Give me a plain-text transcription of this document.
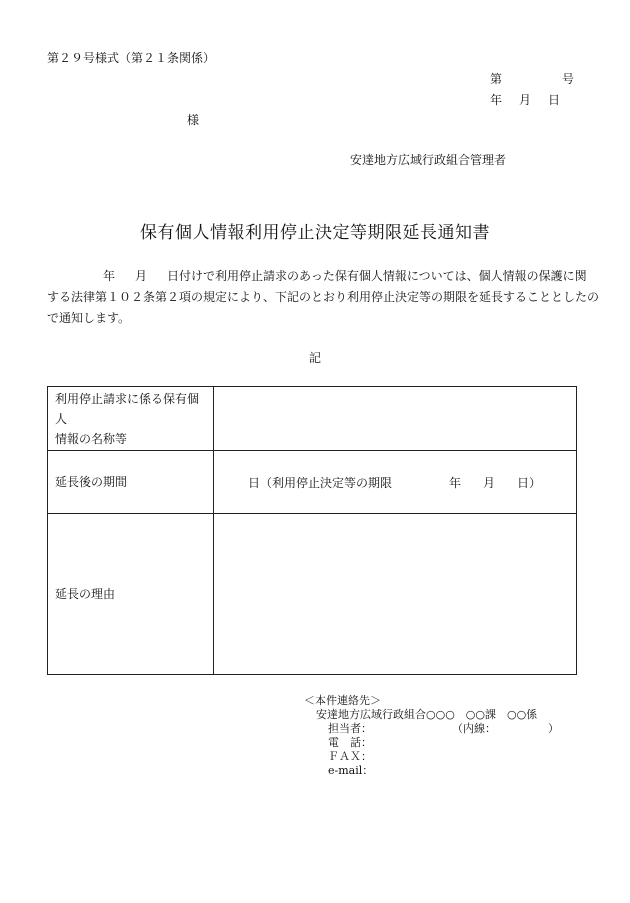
第２９号様式（第２１条関係）
第	号
年 月 日
様
安達地方広域行政組合管理者
保有個人情報利用停止決定等期限延長通知書
年 月 日付けで利用停止請求のあった保有個人情報については、個人情報の保護に関
する法律第１０２条第２項の規定により、下記のとおり利用停止決定等の期限を延長することとしたの
で通知します。
記
利用停止請求に係る保有個人
情報の名称等	
延長後の期間	日（利用停止決定等の期限 年 月 日）
延長の理由	
＜本件連絡先＞
安達地方広域行政組合○○○　○○課　○○係
担当者：	（内線：	）
電　話：
ＦＡＸ：
e-mail：
